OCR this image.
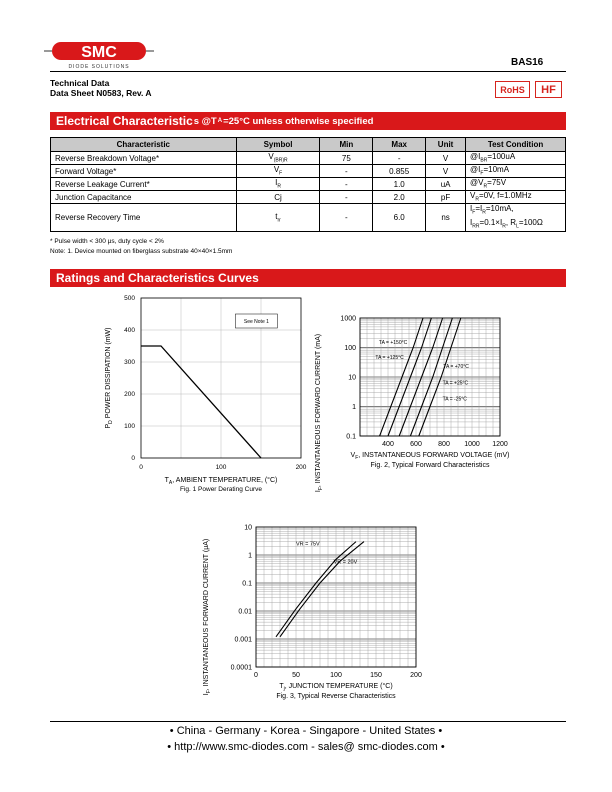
SMC
DIODE SOLUTIONS	BAS16
Technical Data
Data Sheet N0583, Rev. A	RoHS	HF
Electrical Characteristic s @T A =25°C unless otherwise specified
Characteristic	Symbol	Min	Max	Unit	Test Condition
Reverse Breakdown Voltage*	$V_{(BR)R}$	75	-	V	$@I_{BR}=100uA$
Forward Voltage*	$V_F$	-	0.855	V	$@I_F=10mA$
Reverse Leakage Current*	$I_R$	-	1.0	uA	$@V_R=75V$
Junction Capacitance	Cj	-	2.0	pF	$V_R=0V$, f=1.0MHz
Reverse Recovery Time	$t_{rr}$	-	6.0	ns	$I_F=I_R=10mA$,
$I_{RR}=0.1\times I_R$, $R_L=100\Omega$
* Pulse width < 300 μs, duty cycle < 2%
Note: 1. Device mounted on fiberglass substrate 40×40×1.5mm
Ratings and Characteristics Curves
0
100
200
300
400
500
0	100	200
See Note 1
$T_A$, AMBIENT TEMPERATURE, (°C)
$P_D$ POWER DISSIPATION (mW)
Fig. 1 Power Derating Curve
0.1
1
10
100
1000
400 600 800 1000 1200
$V_F$, INSTANTANEOUS FORWARD VOLTAGE (mV)
$I_F$, INSTANTANEOUS FORWARD CURRENT (mA)	Fig. 2, Typical Forward Characteristics
TA = +150°C
TA = +125°C
TA = +70°C
TA = +25°C
TA = -25°C
0.0001
0.001
0.01
0.1
1
10
0	50	100	150	200
$T_j$, JUNCTION TEMPERATURE (°C)
$I_F$, INSTANTANEOUS FORWARD CURRENT (μA)
Fig. 3, Typical Reverse Characteristics
VR = 75V
VR = 20V
• China - Germany - Korea - Singapore - United States •
• http://www.smc-diodes.com - sales@ smc-diodes.com •
